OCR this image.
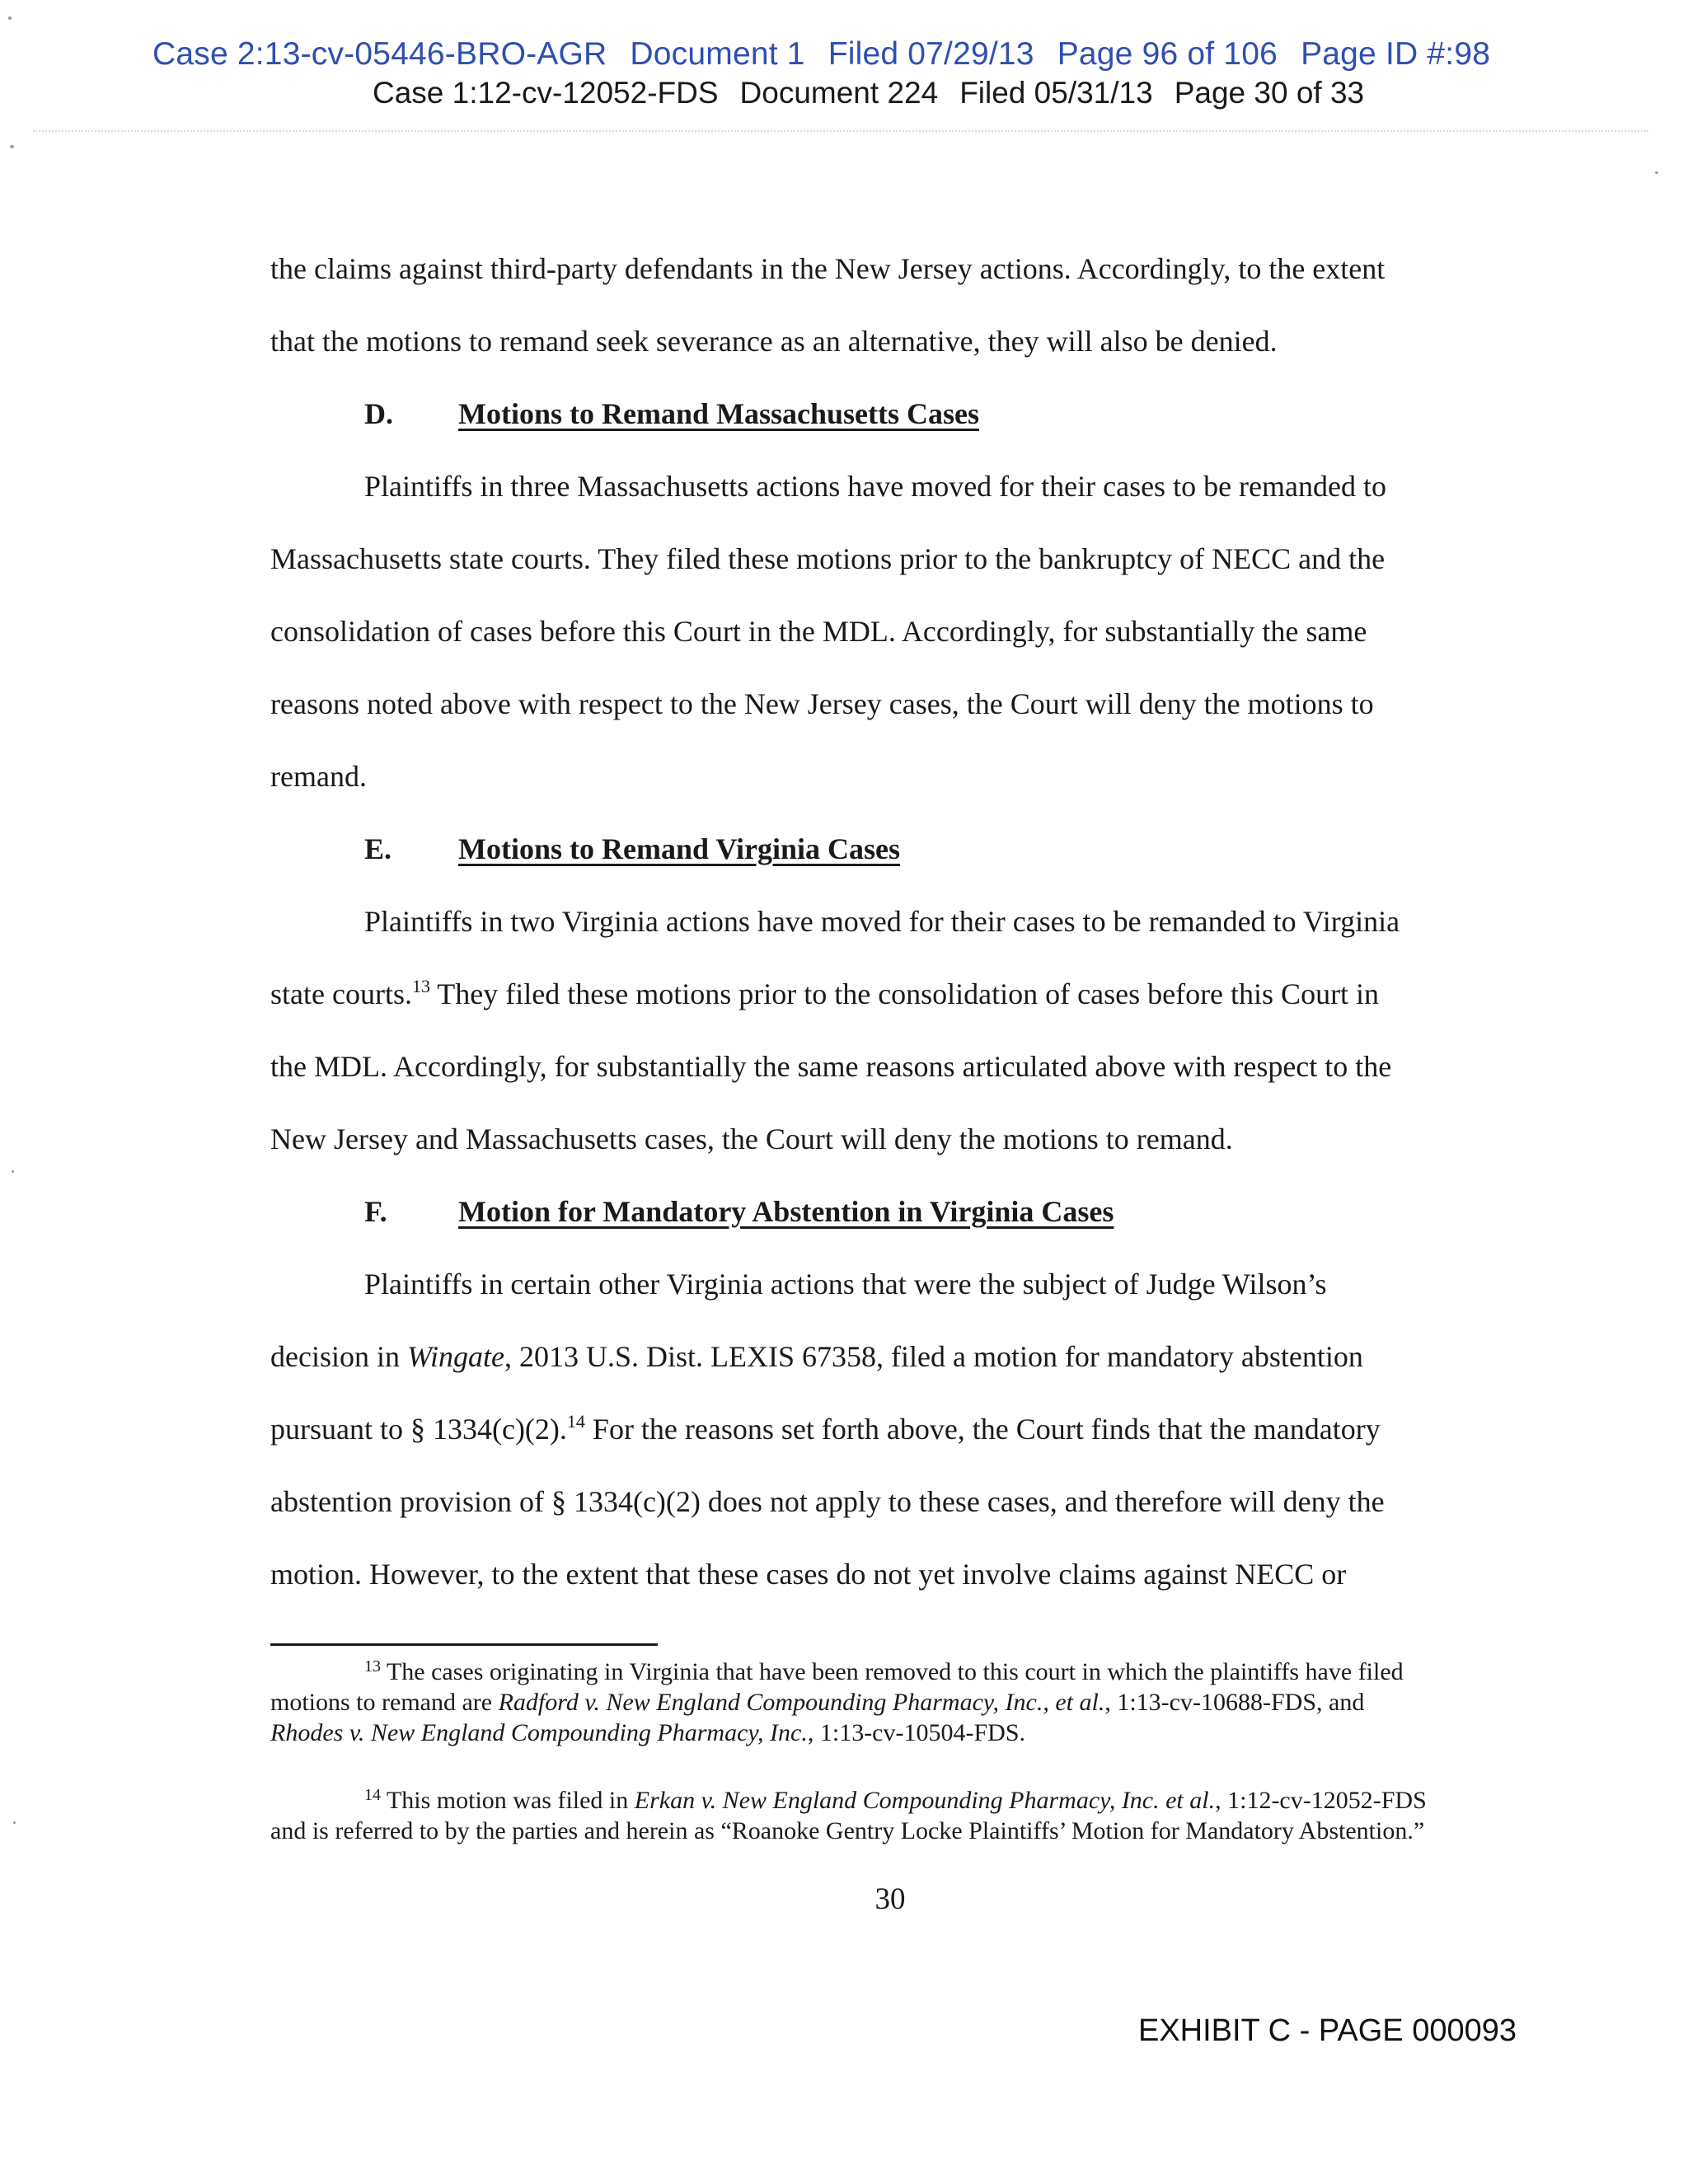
Case 2:13-cv-05446-BRO-AGR Document 1 Filed 07/29/13 Page 96 of 106 Page ID #:98
Case 1:12-cv-12052-FDS Document 224 Filed 05/31/13 Page 30 of 33
the claims against third-party defendants in the New Jersey actions. Accordingly, to the extent
that the motions to remand seek severance as an alternative, they will also be denied.
D. Motions to Remand Massachusetts Cases
Plaintiffs in three Massachusetts actions have moved for their cases to be remanded to
Massachusetts state courts. They filed these motions prior to the bankruptcy of NECC and the
consolidation of cases before this Court in the MDL. Accordingly, for substantially the same
reasons noted above with respect to the New Jersey cases, the Court will deny the motions to
remand.
E. Motions to Remand Virginia Cases
Plaintiffs in two Virginia actions have moved for their cases to be remanded to Virginia
state courts.$^{13}$ They filed these motions prior to the consolidation of cases before this Court in
the MDL. Accordingly, for substantially the same reasons articulated above with respect to the
New Jersey and Massachusetts cases, the Court will deny the motions to remand.
F. Motion for Mandatory Abstention in Virginia Cases
Plaintiffs in certain other Virginia actions that were the subject of Judge Wilson’s
decision in Wingate, 2013 U.S. Dist. LEXIS 67358, filed a motion for mandatory abstention
pursuant to § 1334(c)(2).$^{14}$ For the reasons set forth above, the Court finds that the mandatory
abstention provision of § 1334(c)(2) does not apply to these cases, and therefore will deny the
motion. However, to the extent that these cases do not yet involve claims against NECC or
$^{13}$ The cases originating in Virginia that have been removed to this court in which the plaintiffs have filed
motions to remand are Radford v. New England Compounding Pharmacy, Inc., et al., 1:13-cv-10688-FDS, and
Rhodes v. New England Compounding Pharmacy, Inc., 1:13-cv-10504-FDS.
$^{14}$ This motion was filed in Erkan v. New England Compounding Pharmacy, Inc. et al., 1:12-cv-12052-FDS
and is referred to by the parties and herein as “Roanoke Gentry Locke Plaintiffs’ Motion for Mandatory Abstention.”
30
EXHIBIT C - PAGE 000093
